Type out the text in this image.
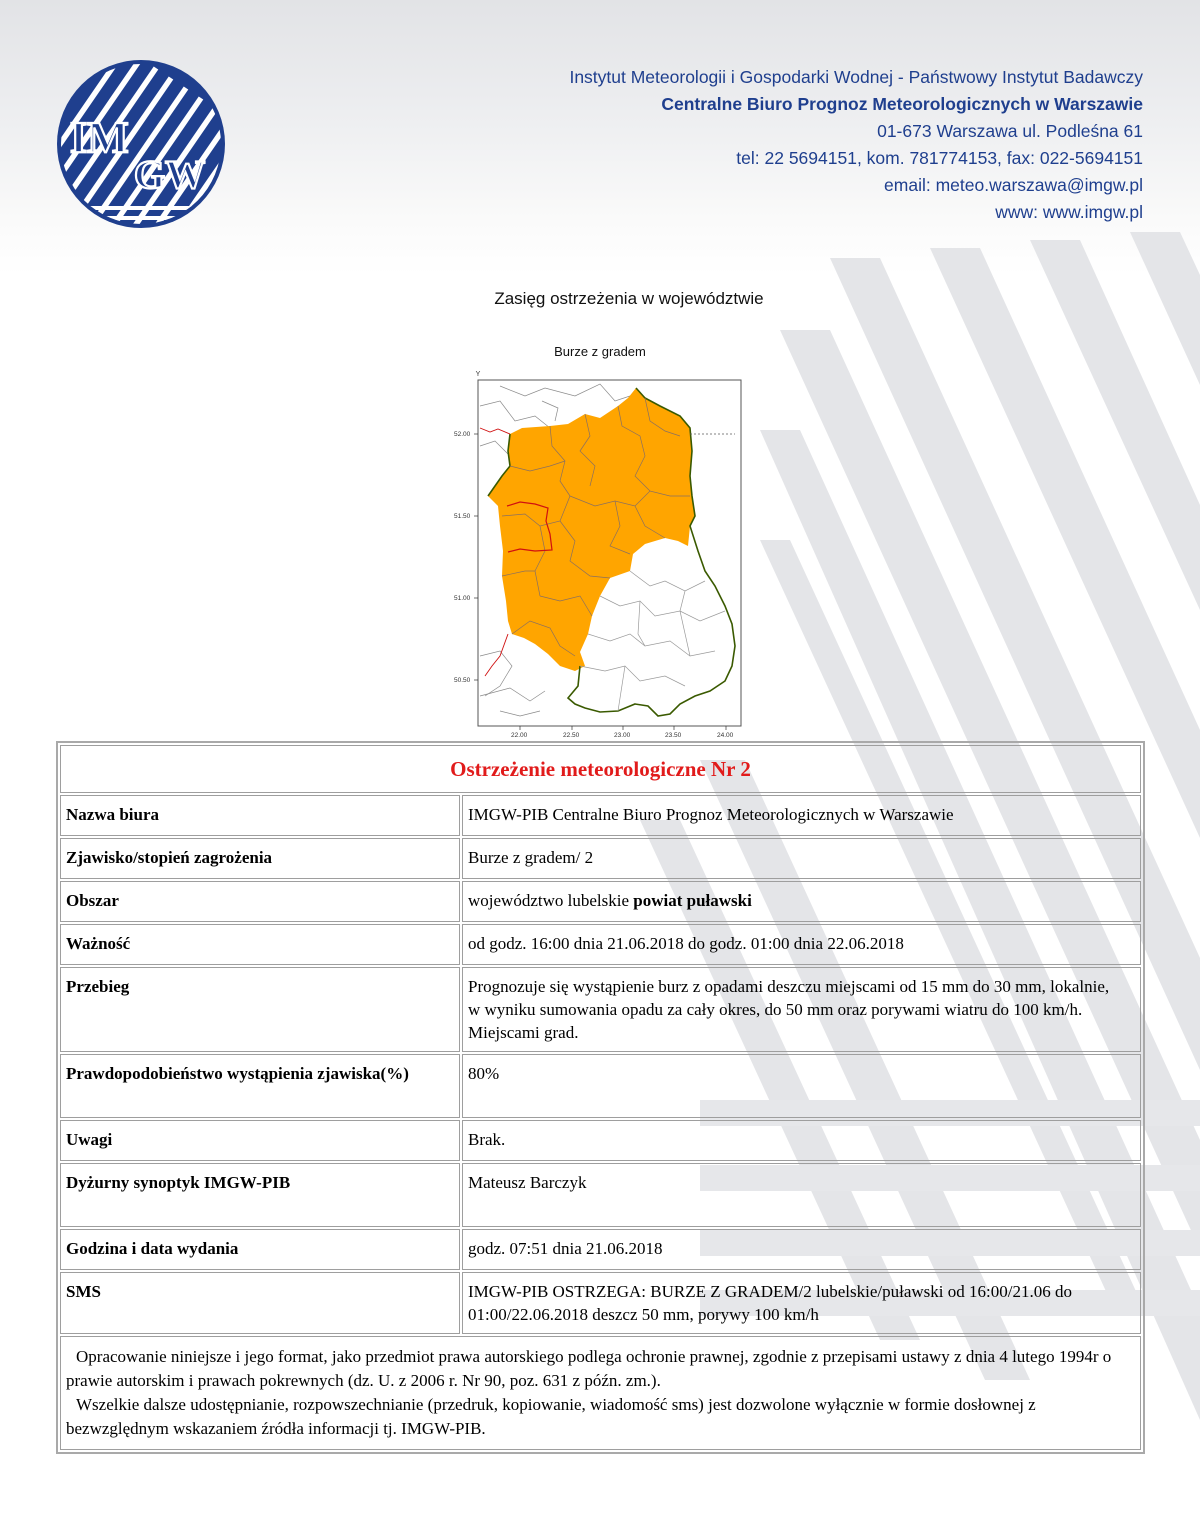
IM
GW
Instytut Meteorologii i Gospodarki Wodnej - Państwowy Instytut Badawczy
Centralne Biuro Prognoz Meteorologicznych w Warszawie
01-673 Warszawa ul. Podleśna 61
tel: 22 5694151, kom. 781774153, fax: 022-5694151
email: meteo.warszawa@imgw.pl
www: www.imgw.pl
Zasięg ostrzeżenia w województwie
Burze z gradem
Y
52.00
51.50
51.00
50.50
22.00	22.50	23.00	23.50	24.00
Ostrzeżenie meteorologiczne Nr 2	
Nazwa biura	IMGW-PIB Centralne Biuro Prognoz Meteorologicznych w Warszawie
Zjawisko/stopień zagrożenia	Burze z gradem/ 2
Obszar	województwo lubelskie powiat puławski
Ważność	od godz. 16:00 dnia 21.06.2018 do godz. 01:00 dnia 22.06.2018
Przebieg	Prognozuje się wystąpienie burz z opadami deszczu miejscami od 15 mm do 30 mm, lokalnie, w wyniku sumowania opadu za cały okres, do 50 mm oraz porywami wiatru do 100 km/h. Miejscami grad.
Prawdopodobieństwo wystąpienia zjawiska(%)	80%
Uwagi	Brak.
Dyżurny synoptyk IMGW-PIB	Mateusz Barczyk
Godzina i data wydania	godz. 07:51 dnia 21.06.2018
SMS	IMGW-PIB OSTRZEGA: BURZE Z GRADEM/2 lubelskie/puławski od 16:00/21.06 do 01:00/22.06.2018 deszcz 50 mm, porywy 100 km/h

Opracowanie niniejsze i jego format, jako przedmiot prawa autorskiego podlega ochronie prawnej, zgodnie z przepisami ustawy z dnia 4 lutego 1994r o prawie autorskim i prawach pokrewnych (dz. U. z 2006 r. Nr 90, poz. 631 z późn. zm.).

Wszelkie dalsze udostępnianie, rozpowszechnianie (przedruk, kopiowanie, wiadomość sms) jest dozwolone wyłącznie w formie dosłownej z bezwzględnym wskazaniem źródła informacji tj. IMGW-PIB.	
